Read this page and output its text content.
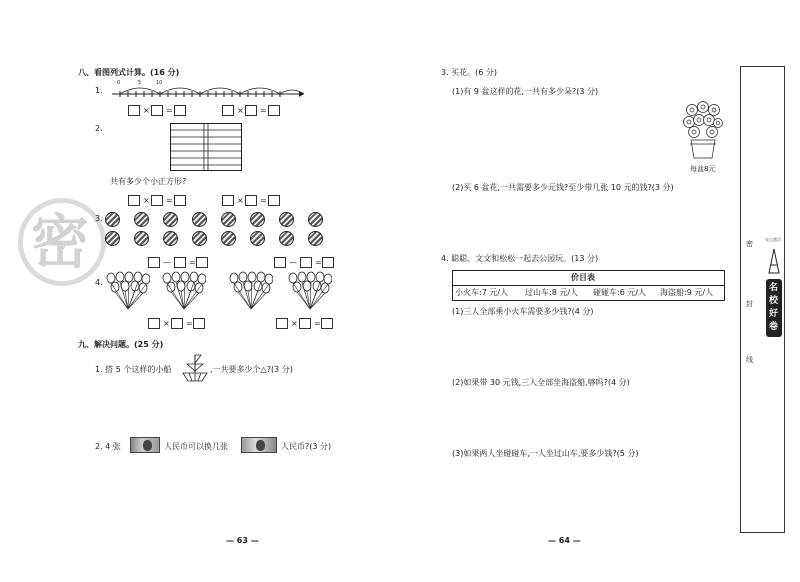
密
八、看图列式计算。(16 分)
1.
0	5	10
× =	× =
2.
共有多少个小正方形?
× =	× =
3.
— =	— =
4.
× =	× =
九、解决问题。(25 分)
1. 搭 5 个这样的小船	,一共要多少个△?(3 分)
2. 4 张	人民币可以换几张	人民币?(3 分)
— 63 —
3. 买花。(6 分)
(1)有 9 盆这样的花,一共有多少朵?(3 分)
每盆8元
(2)买 6 盆花,一共需要多少元钱?至少带几张 10 元的钱?(3 分)
4. 聪聪、文文和松松一起去公园玩。(13 分)
价目表
小火车:7 元/人 过山车:8 元/人 碰碰车:6 元/人 海盗船:9 元/人
(1)三人全部乘小火车需要多少钱?(4 分)
(2)如果带 30 元钱,三人全部坐海盗船,够吗?(4 分)
(3)如果两人坐碰碰车,一人坐过山车,要多少钱?(5 分)
— 64 —
密
封
线
亮点激活
名校好卷
